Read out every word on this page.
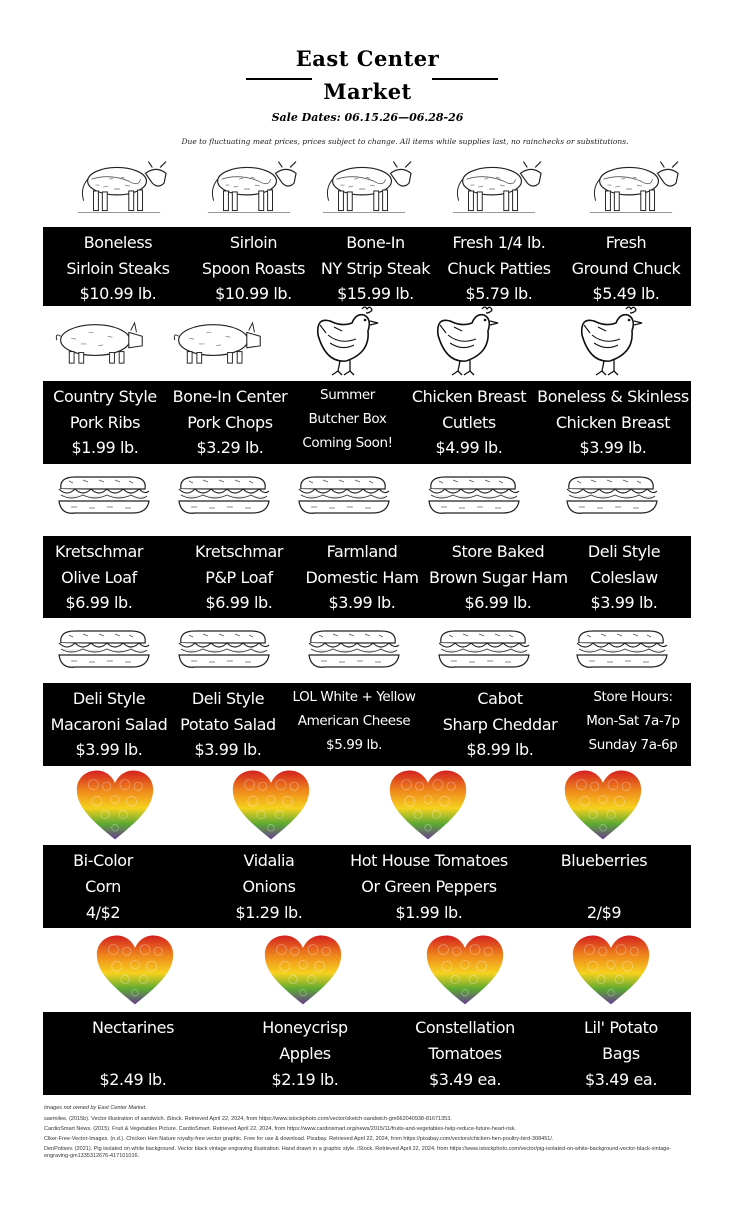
East Center
Market
Sale Dates: 06.15.26—06.28-26
Due to fluctuating meat prices, prices subject to change. All items while supplies last, no rainchecks or substitutions.
Boneless
Sirloin Steaks
$10.99 lb.
Sirloin
Spoon Roasts
$10.99 lb.
Bone-In
NY Strip Steak
$15.99 lb.
Fresh 1/4 lb.
Chuck Patties
$5.79 lb.
Fresh
Ground Chuck
$5.49 lb.
Country Style
Pork Ribs
$1.99 lb.
Bone-In Center
Pork Chops
$3.29 lb.
Summer
Butcher Box
Coming Soon!
Chicken Breast
Cutlets
$4.99 lb.
Boneless & Skinless
Chicken Breast
$3.99 lb.
Kretschmar
Olive Loaf
$6.99 lb.
Kretschmar
P&P Loaf
$6.99 lb.
Farmland
Domestic Ham
$3.99 lb.
Store Baked
Brown Sugar Ham
$6.99 lb.
Deli Style
Coleslaw
$3.99 lb.
Deli Style
Macaroni Salad
$3.99 lb.
Deli Style
Potato Salad
$3.99 lb.
LOL White + Yellow
American Cheese
$5.99 lb.
Cabot
Sharp Cheddar
$8.99 lb.
Store Hours:
Mon-Sat 7a-7p
Sunday 7a-6p
Bi-Color
Corn
4/$2
Vidalia
Onions
$1.29 lb.
Hot House Tomatoes
Or Green Peppers
$1.99 lb.
Blueberries
2/$9
Nectarines
$2.49 lb.
Honeycrisp
Apples
$2.19 lb.
Constellation
Tomatoes
$3.49 ea.
Lil' Potato
Bags
$3.49 ea.
Images not owned by East Center Market.
saemilee. (2015b). Vector illustration of sandwich. iStock. Retrieved April 22, 2024, from https://www.istockphoto.com/vector/sketch-sandwich-gm662040938-81671353.
CardioSmart News. (2015). Fruit & Vegetables Picture. CardioSmart. Retrieved April 22, 2024, from https://www.cardiosmart.org/news/2015/11/fruits-and-vegetables-help-reduce-future-heart-risk.
Clker-Free-Vector-Images. (n.d.). Chicken Hen Nature royalty-free vector graphic. Free for use & download. Pixabay. Retrieved April 22, 2024, from https://pixabay.com/vectors/chicken-hen-poultry-bird-308451/.
DenPotisev. (2021). Pig isolated on white background. Vector black vintage engraving illustration. Hand drawn in a graphic style. iStock. Retrieved April 22, 2024, from https://www.istockphoto.com/vector/pig-isolated-on-white-background-vector-black-vintage-engraving-gm1335312676-417101016.
